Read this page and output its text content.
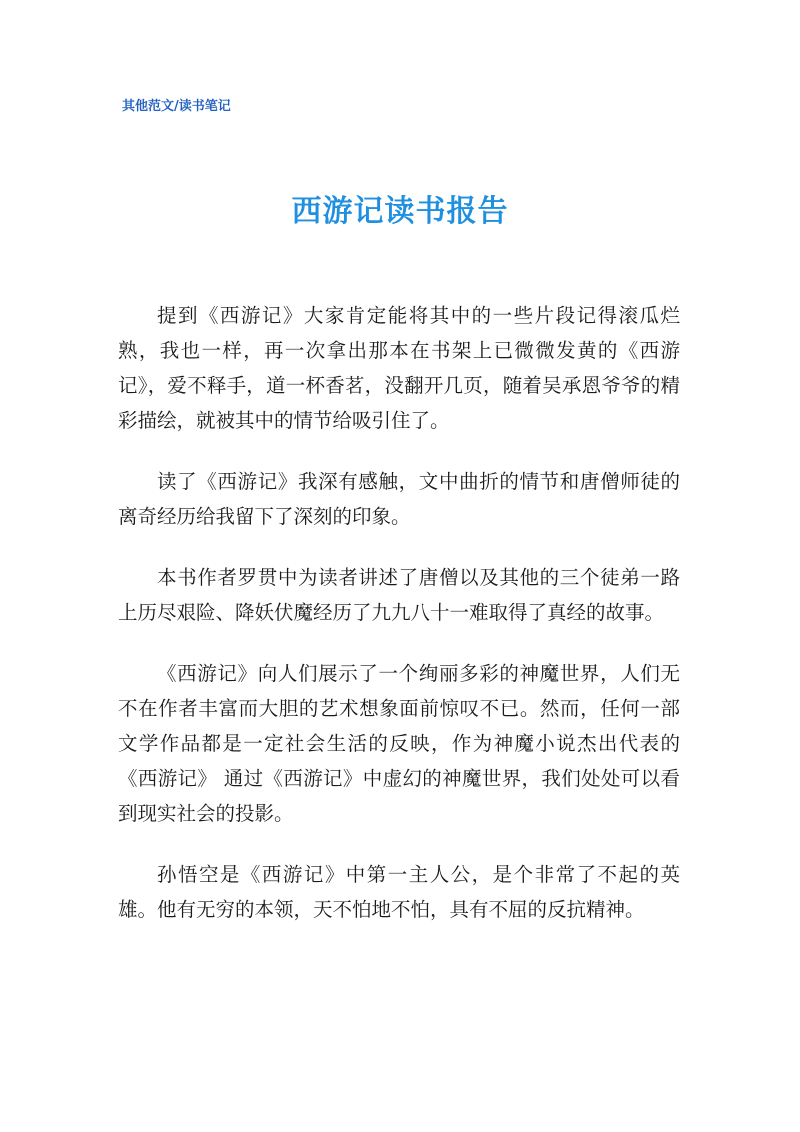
其他范文/读书笔记
西游记读书报告

提到《西游记》大家肯定能将其中的一些片段记得滚瓜烂熟，我也一样，再一次拿出那本在书架上已微微发黄的《西游记》，爱不释手，道一杯香茗，没翻开几页，随着吴承恩爷爷的精彩描绘，就被其中的情节给吸引住了。

读了《西游记》我深有感触，文中曲折的情节和唐僧师徒的离奇经历给我留下了深刻的印象。

本书作者罗贯中为读者讲述了唐僧以及其他的三个徒弟一路上历尽艰险、降妖伏魔经历了九九八十一难取得了真经的故事。

《西游记》向人们展示了一个绚丽多彩的神魔世界，人们无不在作者丰富而大胆的艺术想象面前惊叹不已。然而，任何一部文学作品都是一定社会生活的反映，作为神魔小说杰出代表的《西游记》 通过《西游记》中虚幻的神魔世界，我们处处可以看到现实社会的投影。

孙悟空是《西游记》中第一主人公，是个非常了不起的英雄。他有无穷的本领，天不怕地不怕，具有不屈的反抗精神。
